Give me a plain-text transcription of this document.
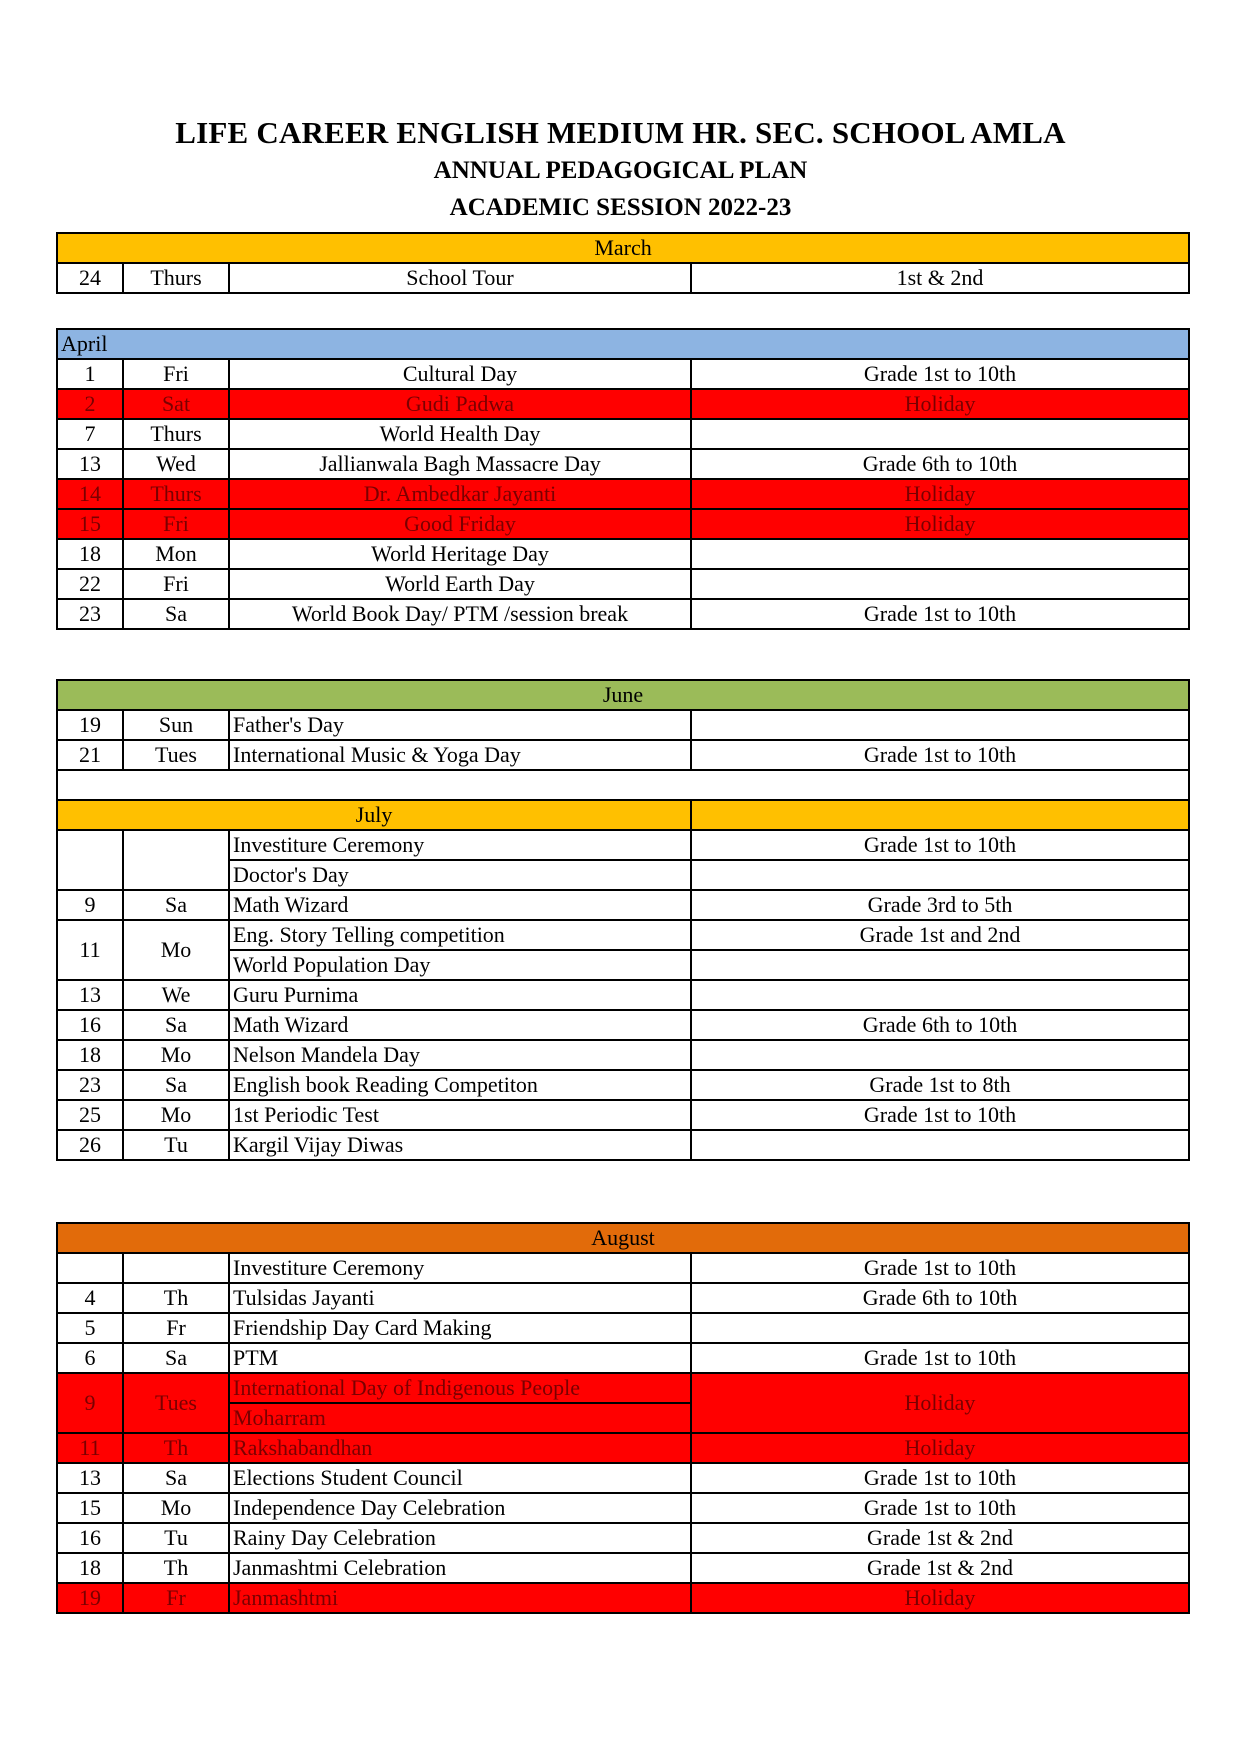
LIFE CAREER ENGLISH MEDIUM HR. SEC. SCHOOL AMLA
ANNUAL PEDAGOGICAL PLAN
ACADEMIC SESSION 2022-23
March
24	Thurs	School Tour	1st & 2nd
April			
1	Fri	Cultural Day	Grade 1st to 10th
2	Sat	Gudi Padwa	Holiday
7	Thurs	World Health Day	
13	Wed	Jallianwala Bagh Massacre Day	Grade 6th to 10th
14	Thurs	Dr. Ambedkar Jayanti	Holiday
15	Fri	Good Friday	Holiday
18	Mon	World Heritage Day	
22	Fri	World Earth Day	
23	Sa	World Book Day/ PTM /session break	Grade 1st to 10th
June			
19	Sun	Father's Day	
21	Tues	International Music & Yoga Day	Grade 1st to 10th

July			
		Investiture Ceremony	Grade 1st to 10th
		Doctor's Day	
9	Sa	Math Wizard	Grade 3rd to 5th
11	Mo	Eng. Story Telling competition	Grade 1st and 2nd
		World Population Day	
13	We	Guru Purnima	
16	Sa	Math Wizard	Grade 6th to 10th
18	Mo	Nelson Mandela Day	
23	Sa	English book Reading Competiton	Grade 1st to 8th
25	Mo	1st Periodic Test	Grade 1st to 10th
26	Tu	Kargil Vijay Diwas	
August			
		Investiture Ceremony	Grade 1st to 10th
4	Th	Tulsidas Jayanti	Grade 6th to 10th
5	Fr	Friendship Day Card Making	
6	Sa	PTM	Grade 1st to 10th
9	Tues	International Day of Indigenous People	Holiday
		Moharram	
11	Th	Rakshabandhan	Holiday
13	Sa	Elections Student Council	Grade 1st to 10th
15	Mo	Independence Day Celebration	Grade 1st to 10th
16	Tu	Rainy Day Celebration	Grade 1st & 2nd
18	Th	Janmashtmi Celebration	Grade 1st & 2nd
19	Fr	Janmashtmi	Holiday
